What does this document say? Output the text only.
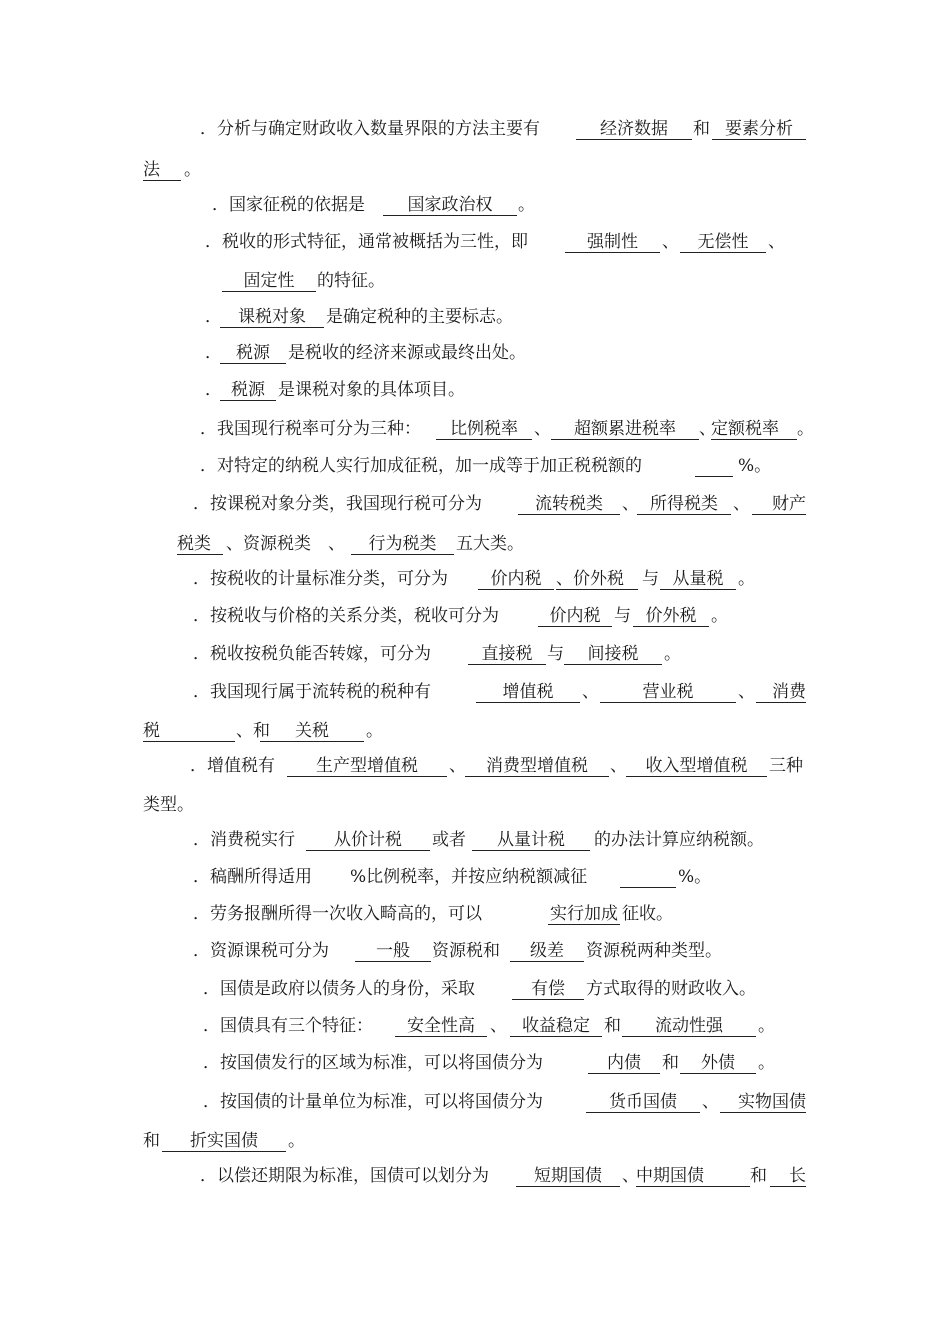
．分析与确定财政收入数量界限的方法主要有	经济数据	和 要素分析
法	。
．国家征税的依据是	国家政治权	。
．税收的形式特征，通常被概括为三性，即	强制性	、	无偿性	、
固定性	的特征。
． 课税对象	是确定税种的主要标志。
． 税源	是税收的经济来源或最终出处。
． 税源 是课税对象的具体项目。
．我国现行税率可分为三种：	比例税率 、	超额累进税率	、
定额税率	。
．对特定的纳税人实行加成征税，加一成等于加正税税额的	%。
．按课税对象分类，我国现行税可分为	流转税类	、 所得税类 、	财产
税类 、资源税类 、	行为税类	五大类。
．按税收的计量标准分类，可分为	价内税 、价外税	与 从量税 。
．按税收与价格的关系分类，税收可分为	价内税 与 价外税 。
．税收按税负能否转嫁，可分为	直接税 与	间接税	。
．我国现行属于流转税的税种有	增值税	、	营业税	、	消费
税	、和	关税	。
．增值税有	生产型增值税	、	消费型增值税	、	收入型增值税	三种
类型。
．消费税实行	从价计税	或者	从量计税	的办法计算应纳税额。
．稿酬所得适用 %比例税率，并按应纳税额减征	%。
．劳务报酬所得一次收入畸高的，可以	实行加成 征收。
．资源课税可分为	一般	资源税和	级差	资源税两种类型。
．国债是政府以债务人的身份，采取	有偿	方式取得的财政收入。
．国债具有三个特征：	安全性高 、 收益稳定 和	流动性强	。
．按国债发行的区域为标准，可以将国债分为	内债	和	外债	。
．按国债的计量单位为标准，可以将国债分为	货币国债	、	实物国债
和	折实国债	。
．以偿还期限为标准，国债可以划分为	短期国债	、
中期国债	和	长
